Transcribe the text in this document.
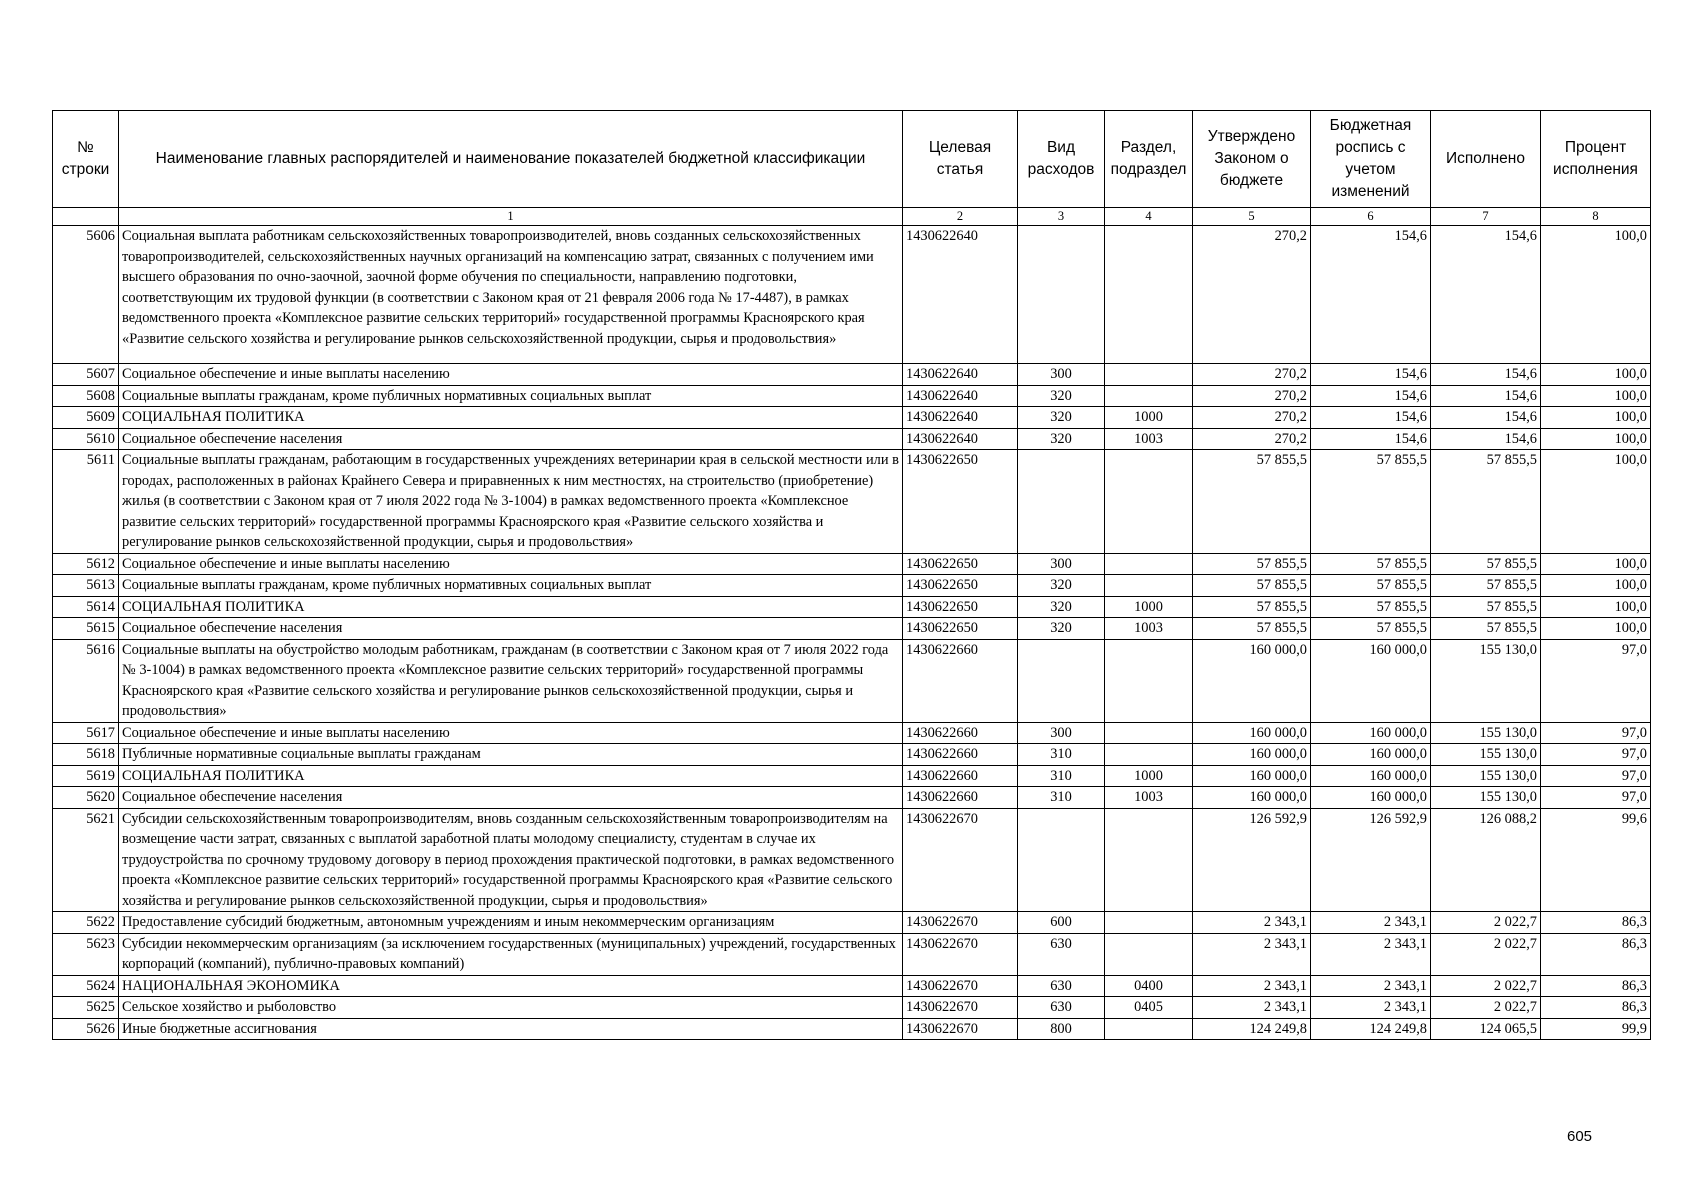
№ строки	Наименование главных распорядителей и наименование показателей бюджетной классификации	Целевая статья	Вид расходов	Раздел, подраздел	Утверждено Законом о бюджете	Бюджетная роспись с учетом изменений	Исполнено	Процент исполнения
	1	2	3	4	5	6	7	8
5606	Социальная выплата работникам сельскохозяйственных товаропроизводителей, вновь созданных сельскохозяйственных товаропроизводителей, сельскохозяйственных научных организаций на компенсацию затрат, связанных с получением ими высшего образования по очно-заочной, заочной форме обучения по специальности, направлению подготовки, соответствующим их трудовой функции (в соответствии с Законом края от 21 февраля 2006 года № 17-4487), в рамках ведомственного проекта «Комплексное развитие сельских территорий» государственной программы Красноярского края «Развитие сельского хозяйства и регулирование рынков сельскохозяйственной продукции, сырья и продовольствия»	1430622640			270,2	154,6	154,6	100,0
5607	Социальное обеспечение и иные выплаты населению	1430622640	300		270,2	154,6	154,6	100,0
5608	Социальные выплаты гражданам, кроме публичных нормативных социальных выплат	1430622640	320		270,2	154,6	154,6	100,0
5609	СОЦИАЛЬНАЯ ПОЛИТИКА	1430622640	320	1000	270,2	154,6	154,6	100,0
5610	Социальное обеспечение населения	1430622640	320	1003	270,2	154,6	154,6	100,0
5611	Социальные выплаты гражданам, работающим в государственных учреждениях ветеринарии края в сельской местности или в городах, расположенных в районах Крайнего Севера и приравненных к ним местностях, на строительство (приобретение) жилья (в соответствии с Законом края от 7 июля 2022 года № 3-1004) в рамках ведомственного проекта «Комплексное развитие сельских территорий» государственной программы Красноярского края «Развитие сельского хозяйства и регулирование рынков сельскохозяйственной продукции, сырья и продовольствия»	1430622650			57 855,5	57 855,5	57 855,5	100,0
5612	Социальное обеспечение и иные выплаты населению	1430622650	300		57 855,5	57 855,5	57 855,5	100,0
5613	Социальные выплаты гражданам, кроме публичных нормативных социальных выплат	1430622650	320		57 855,5	57 855,5	57 855,5	100,0
5614	СОЦИАЛЬНАЯ ПОЛИТИКА	1430622650	320	1000	57 855,5	57 855,5	57 855,5	100,0
5615	Социальное обеспечение населения	1430622650	320	1003	57 855,5	57 855,5	57 855,5	100,0
5616	Социальные выплаты на обустройство молодым работникам, гражданам (в соответствии с Законом края от 7 июля 2022 года № 3-1004) в рамках ведомственного проекта «Комплексное развитие сельских территорий» государственной программы Красноярского края «Развитие сельского хозяйства и регулирование рынков сельскохозяйственной продукции, сырья и продовольствия»	1430622660			160 000,0	160 000,0	155 130,0	97,0
5617	Социальное обеспечение и иные выплаты населению	1430622660	300		160 000,0	160 000,0	155 130,0	97,0
5618	Публичные нормативные социальные выплаты гражданам	1430622660	310		160 000,0	160 000,0	155 130,0	97,0
5619	СОЦИАЛЬНАЯ ПОЛИТИКА	1430622660	310	1000	160 000,0	160 000,0	155 130,0	97,0
5620	Социальное обеспечение населения	1430622660	310	1003	160 000,0	160 000,0	155 130,0	97,0
5621	Субсидии сельскохозяйственным товаропроизводителям, вновь созданным сельскохозяйственным товаропроизводителям на возмещение части затрат, связанных с выплатой заработной платы молодому специалисту, студентам в случае их трудоустройства по срочному трудовому договору в период прохождения практической подготовки, в рамках ведомственного проекта «Комплексное развитие сельских территорий» государственной программы Красноярского края «Развитие сельского хозяйства и регулирование рынков сельскохозяйственной продукции, сырья и продовольствия»	1430622670			126 592,9	126 592,9	126 088,2	99,6
5622	Предоставление субсидий бюджетным, автономным учреждениям и иным некоммерческим организациям	1430622670	600		2 343,1	2 343,1	2 022,7	86,3
5623	Субсидии некоммерческим организациям (за исключением государственных (муниципальных) учреждений, государственных корпораций (компаний), публично-правовых компаний)	1430622670	630		2 343,1	2 343,1	2 022,7	86,3
5624	НАЦИОНАЛЬНАЯ ЭКОНОМИКА	1430622670	630	0400	2 343,1	2 343,1	2 022,7	86,3
5625	Сельское хозяйство и рыболовство	1430622670	630	0405	2 343,1	2 343,1	2 022,7	86,3
5626	Иные бюджетные ассигнования	1430622670	800		124 249,8	124 249,8	124 065,5	99,9
605
